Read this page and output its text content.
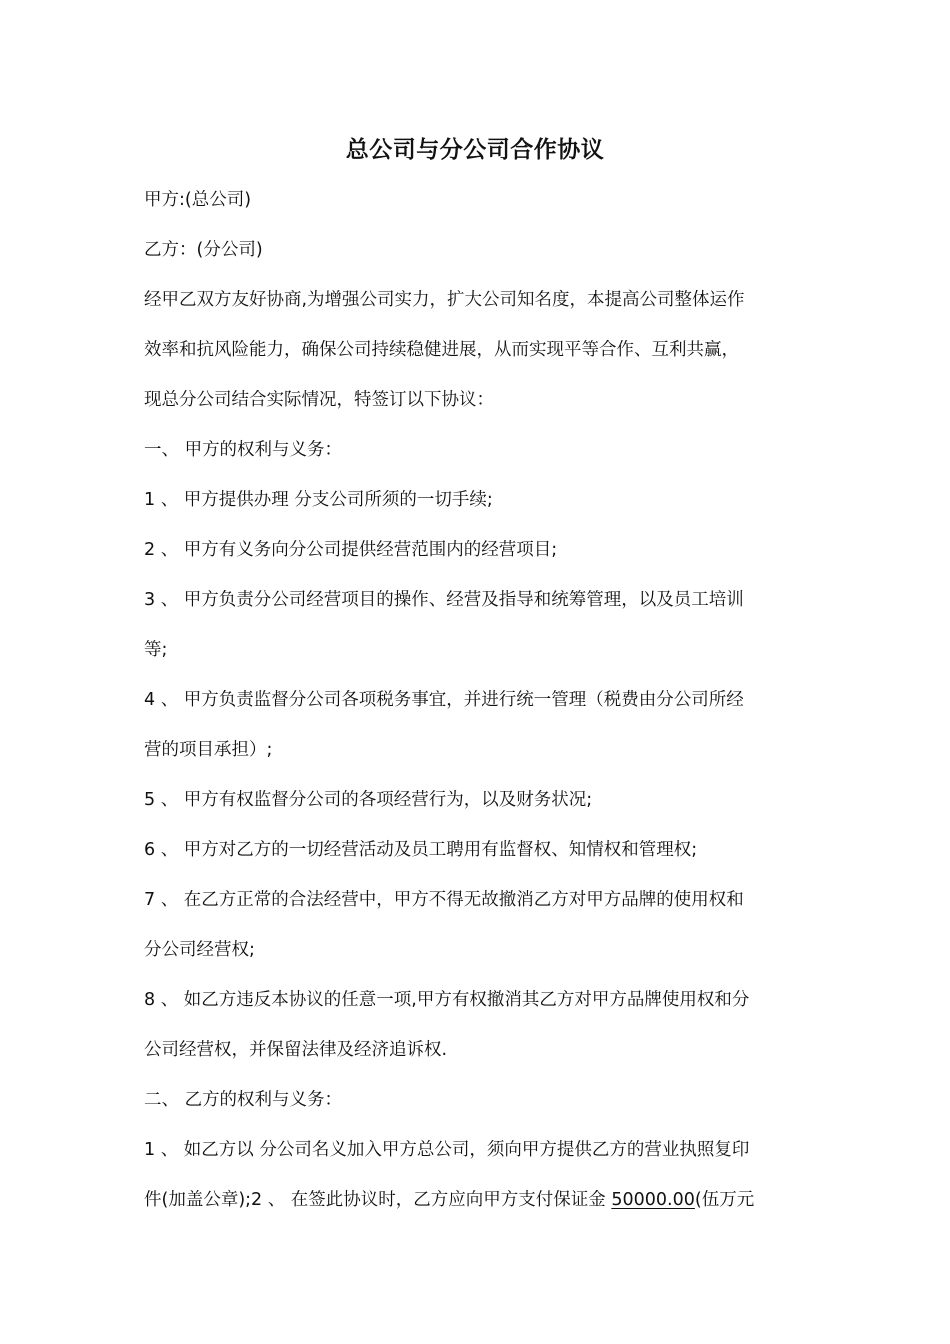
总公司与分公司合作协议
甲方:(总公司)
乙方：(分公司)
经甲乙双方友好协商,为增强公司实力，扩大公司知名度，本提高公司整体运作
效率和抗风险能力，确保公司持续稳健进展，从而实现平等合作、互利共赢，
现总分公司结合实际情况，特签订以下协议：
一、 甲方的权利与义务：
1 、 甲方提供办理 分支公司所须的一切手续;
2 、 甲方有义务向分公司提供经营范围内的经营项目;
3 、 甲方负责分公司经营项目的操作、经营及指导和统筹管理，以及员工培训
等;
4 、 甲方负责监督分公司各项税务事宜，并进行统一管理（税费由分公司所经
营的项目承担）;
5 、 甲方有权监督分公司的各项经营行为，以及财务状况;
6 、 甲方对乙方的一切经营活动及员工聘用有监督权、知情权和管理权;
7 、 在乙方正常的合法经营中，甲方不得无故撤消乙方对甲方品牌的使用权和
分公司经营权;
8 、 如乙方违反本协议的任意一项,甲方有权撤消其乙方对甲方品牌使用权和分
公司经营权，并保留法律及经济追诉权.
二、 乙方的权利与义务：
1 、 如乙方以 分公司名义加入甲方总公司，须向甲方提供乙方的营业执照复印
件(加盖公章);2 、 在签此协议时，乙方应向甲方支付保证金 50000.00(伍万元
